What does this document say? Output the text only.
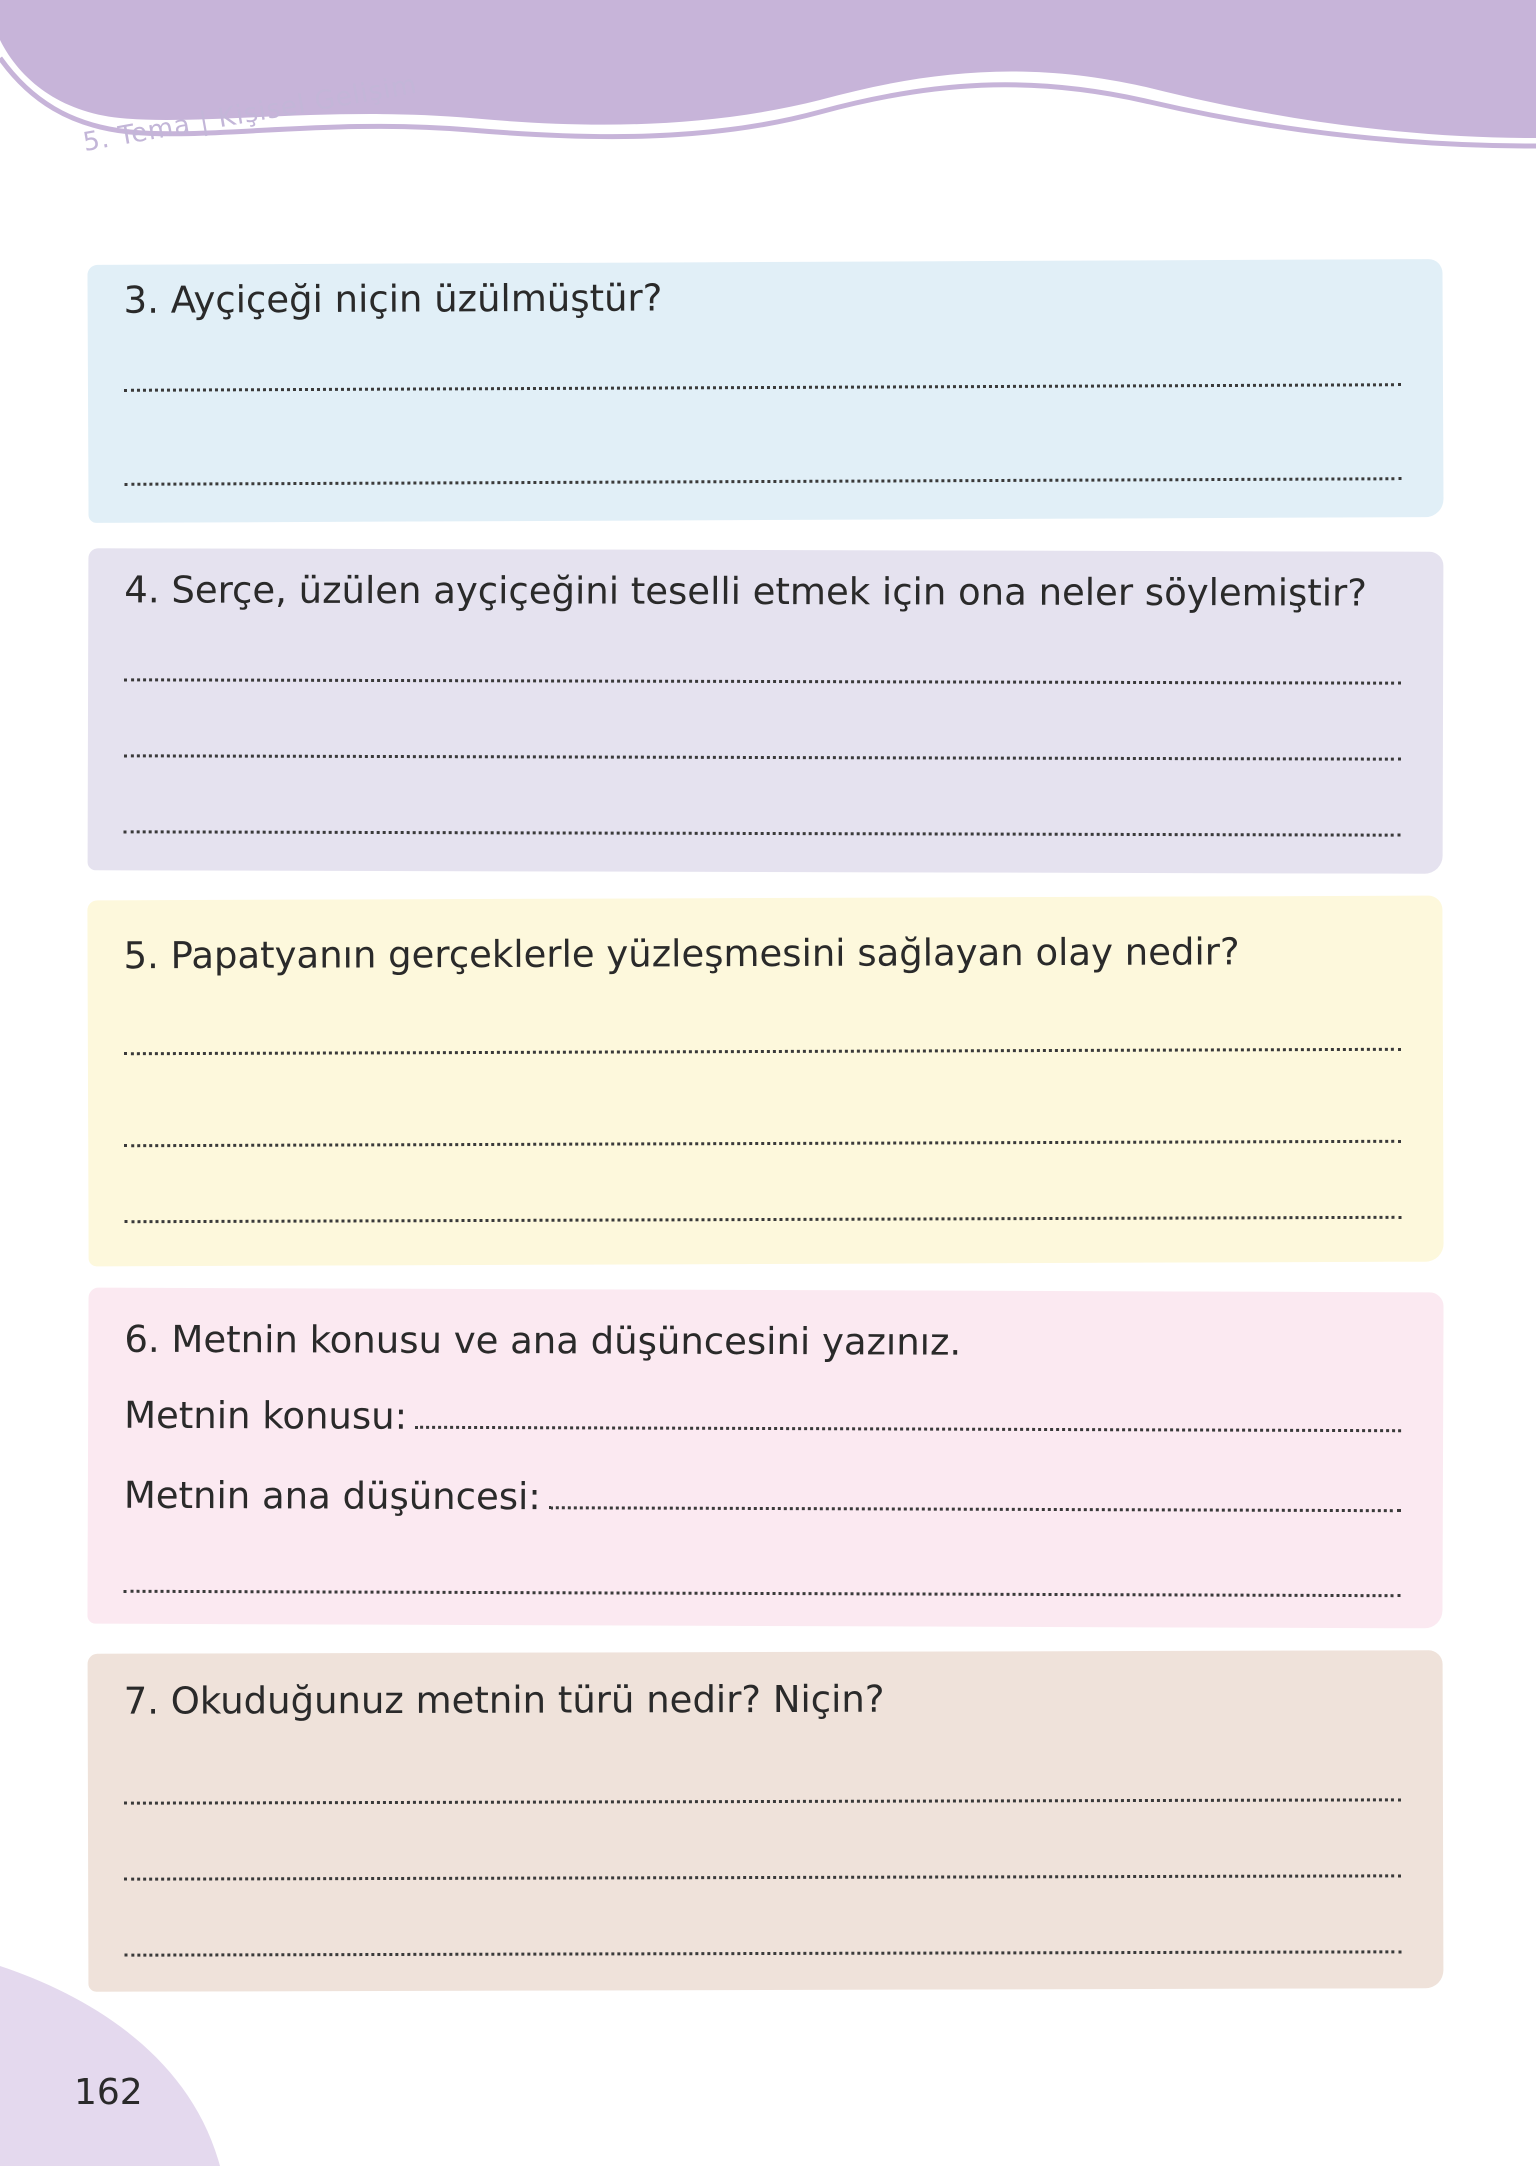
5. Tema | Kişisel Gelişim
3. Ayçiçeği niçin üzülmüştür?
4. Serçe, üzülen ayçiçeğini teselli etmek için ona neler söylemiştir?
5. Papatyanın gerçeklerle yüzleşmesini sağlayan olay nedir?
6. Metnin konusu ve ana düşüncesini yazınız.
Metnin konusu:
Metnin ana düşüncesi:
7. Okuduğunuz metnin türü nedir? Niçin?
162
